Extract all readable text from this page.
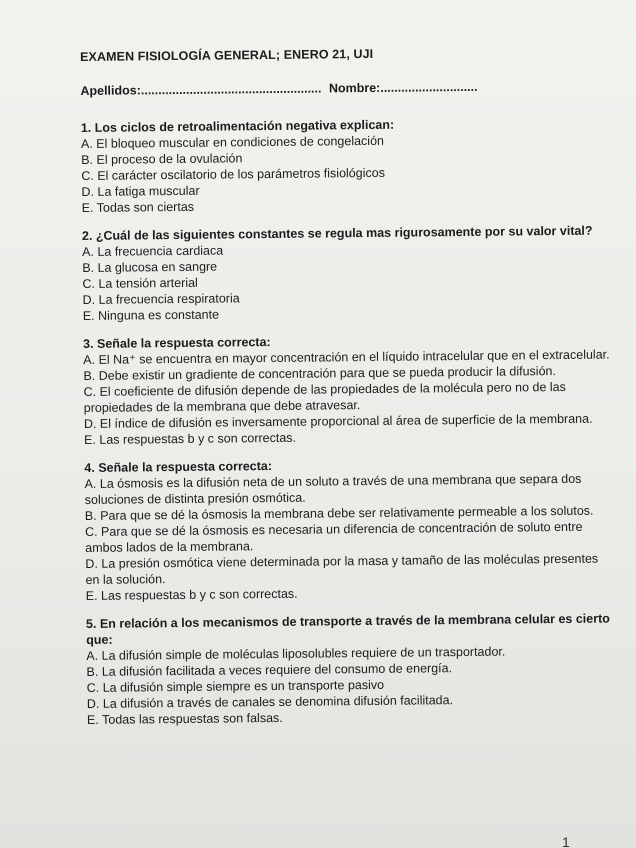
EXAMEN FISIOLOGÍA GENERAL; ENERO 21, UJI
Apellidos:.................................................... Nombre:............................

1. Los ciclos de retroalimentación negativa explican:

A. El bloqueo muscular en condiciones de congelación
B. El proceso de la ovulación
C. El carácter oscilatorio de los parámetros fisiológicos
D. La fatiga muscular
E. Todas son ciertas

2. ¿Cuál de las siguientes constantes se regula mas rigurosamente por su valor vital?

A. La frecuencia cardiaca
B. La glucosa en sangre
C. La tensión arterial
D. La frecuencia respiratoria
E. Ninguna es constante

3. Señale la respuesta correcta:

A. El Na⁺ se encuentra en mayor concentración en el líquido intracelular que en el extracelular.
B. Debe existir un gradiente de concentración para que se pueda producir la difusión.
C. El coeficiente de difusión depende de las propiedades de la molécula pero no de las propiedades de la membrana que debe atravesar.
D. El índice de difusión es inversamente proporcional al área de superficie de la membrana.
E. Las respuestas b y c son correctas.

4. Señale la respuesta correcta:

A. La ósmosis es la difusión neta de un soluto a través de una membrana que separa dos soluciones de distinta presión osmótica.
B. Para que se dé la ósmosis la membrana debe ser relativamente permeable a los solutos.
C. Para que se dé la ósmosis es necesaria un diferencia de concentración de soluto entre ambos lados de la membrana.
D. La presión osmótica viene determinada por la masa y tamaño de las moléculas presentes en la solución.
E. Las respuestas b y c son correctas.

5. En relación a los mecanismos de transporte a través de la membrana celular es cierto que:

A. La difusión simple de moléculas liposolubles requiere de un trasportador.
B. La difusión facilitada a veces requiere del consumo de energía.
C. La difusión simple siempre es un transporte pasivo
D. La difusión a través de canales se denomina difusión facilitada.
E. Todas las respuestas son falsas.
1
